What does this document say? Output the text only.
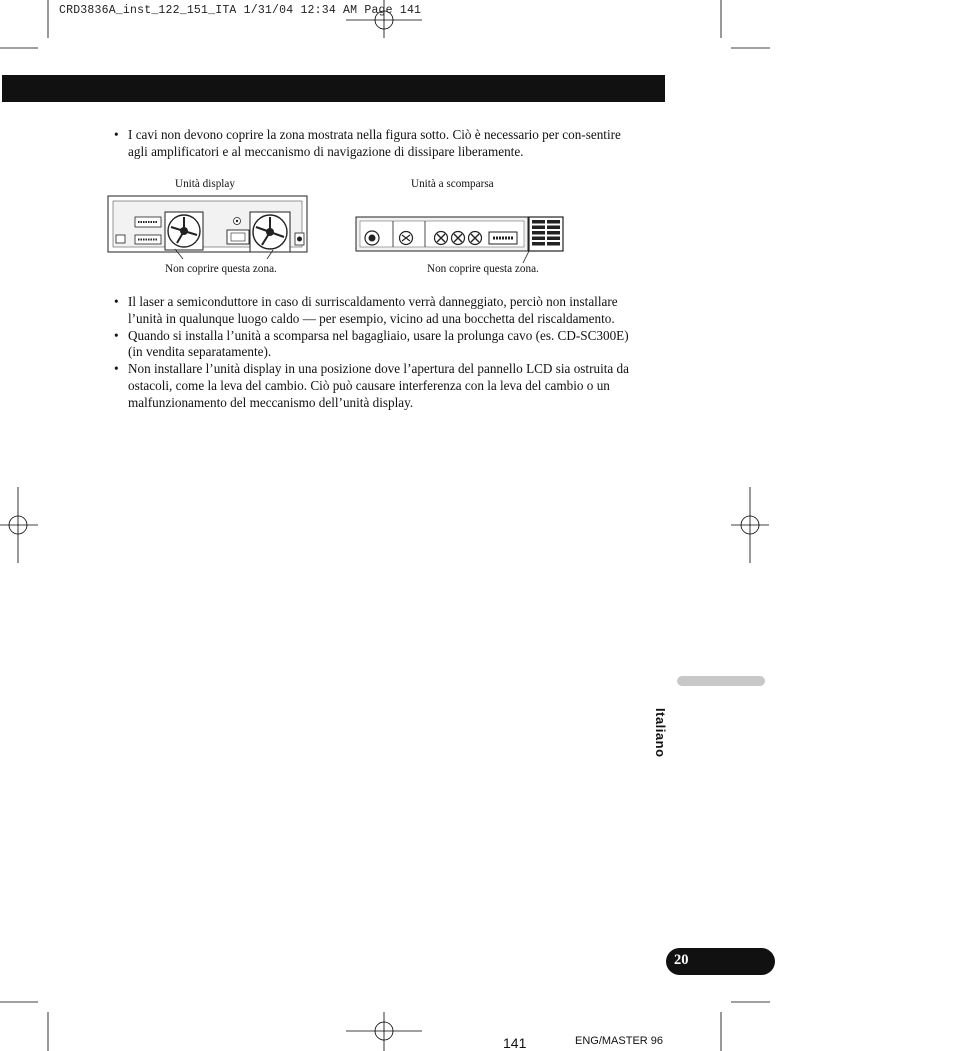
CRD3836A_inst_122_151_ITA 1/31/04 12:34 AM Page 141
• I cavi non devono coprire la zona mostrata nella figura sotto. Ciò è necessario per con-sentire agli amplificatori e al meccanismo di navigazione di dissipare liberamente.
Unità display	Unità a scomparsa
Non coprire questa zona.	Non coprire questa zona.
• Il laser a semiconduttore in caso di surriscaldamento verrà danneggiato, perciò non installare l’unità in qualunque luogo caldo — per esempio, vicino ad una bocchetta del riscaldamento.
• Quando si installa l’unità a scomparsa nel bagagliaio, usare la prolunga cavo (es. CD-SC300E) (in vendita separatamente).
• Non installare l’unità display in una posizione dove l’apertura del pannello LCD sia ostruita da ostacoli, come la leva del cambio. Ciò può causare interferenza con la leva del cambio o un malfunzionamento del meccanismo dell’unità display.
Italiano
20
141	ENG/MASTER 96
